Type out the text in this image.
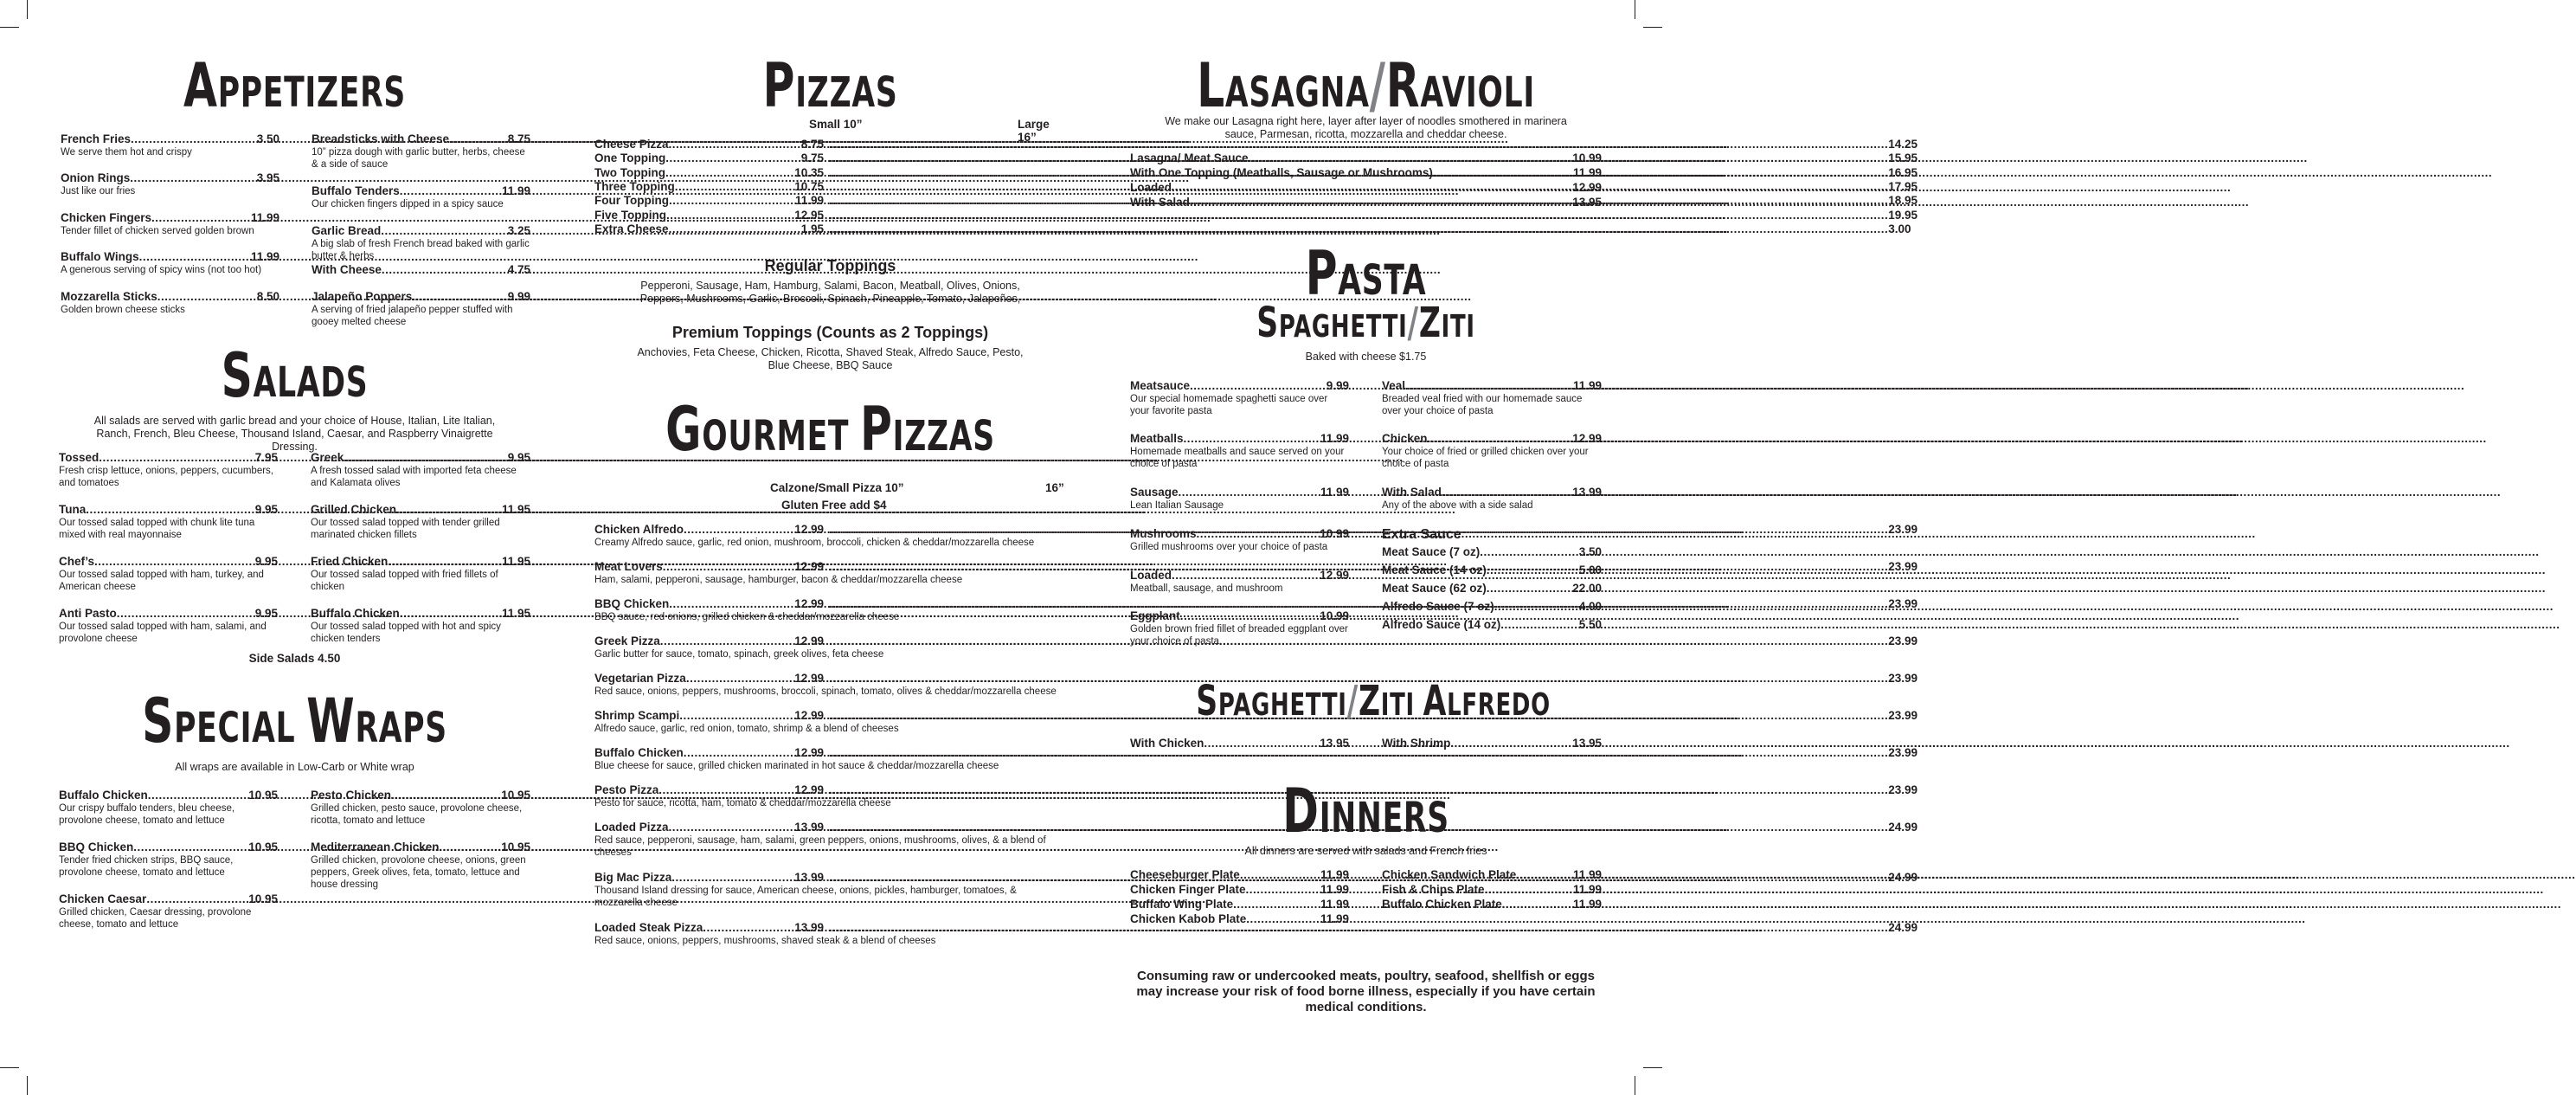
APPETIZERS
French Fries .....	3.50
We serve them hot and crispy
Onion Rings .....	3.95
Just like our fries
Chicken Fingers .....	11.99
Tender fillet of chicken served golden brown
Buffalo Wings .....	11.99
A generous serving of spicy wins (not too hot)
Mozzarella Sticks .....	8.50
Golden brown cheese sticks
Breadsticks with Cheese .....	8.75
10” pizza dough with garlic butter, herbs, cheese & a side of sauce
Buffalo Tenders .....	11.99
Our chicken fingers dipped in a spicy sauce
Garlic Bread .....	3.25
A big slab of fresh French bread baked with garlic butter & herbs
With Cheese .....	4.75
Jalapeño Poppers .....	9.99
A serving of fried jalapeño pepper stuffed with gooey melted cheese
SALADS
All salads are served with garlic bread and your choice of House, Italian, Lite Italian, Ranch, French, Bleu Cheese, Thousand Island, Caesar, and Raspberry Vinaigrette Dressing.
Tossed .....	7.95
Fresh crisp lettuce, onions, peppers, cucumbers, and tomatoes
Tuna .....	9.95
Our tossed salad topped with chunk lite tuna mixed with real mayonnaise
Chef’s .....	9.95
Our tossed salad topped with ham, turkey, and American cheese
Anti Pasto .....	9.95
Our tossed salad topped with ham, salami, and provolone cheese
Greek .....	9.95
A fresh tossed salad with imported feta cheese and Kalamata olives
Grilled Chicken .....	11.95
Our tossed salad topped with tender grilled marinated chicken fillets
Fried Chicken .....	11.95
Our tossed salad topped with fried fillets of chicken
Buffalo Chicken .....	11.95
Our tossed salad topped with hot and spicy chicken tenders
Side Salads 4.50
SPECIAL WRAPS
All wraps are available in Low-Carb or White wrap
Buffalo Chicken .....	10.95
Our crispy buffalo tenders, bleu cheese, provolone cheese, tomato and lettuce
BBQ Chicken .....	10.95
Tender fried chicken strips, BBQ sauce, provolone cheese, tomato and lettuce
Chicken Caesar .....	10.95
Grilled chicken, Caesar dressing, provolone cheese, tomato and lettuce
Pesto Chicken .....	10.95
Grilled chicken, pesto sauce, provolone cheese, ricotta, tomato and lettuce
Mediterranean Chicken .....	10.95
Grilled chicken, provolone cheese, onions, green peppers, Greek olives, feta, tomato, lettuce and house dressing
PIZZAS
Small 10”	Large 16”
Cheese Pizza .....	8.75 .....	14.25
One Topping .....	9.75 .....	15.95
Two Topping .....	10.35 .....	16.95
Three Topping .....	10.75 .....	17.95
Four Topping .....	11.99 .....	18.95
Five Topping .....	12.95 .....	19.95
Extra Cheese .....	1.95 .....	3.00
Regular Toppings
Pepperoni, Sausage, Ham, Hamburg, Salami, Bacon, Meatball, Olives, Onions, Peppers, Mushrooms, Garlic, Broccoli, Spinach, Pineapple, Tomato, Jalapeños,
Premium Toppings (Counts as 2 Toppings)
Anchovies, Feta Cheese, Chicken, Ricotta, Shaved Steak, Alfredo Sauce, Pesto, Blue Cheese, BBQ Sauce
GOURMET PIZZAS
Calzone/Small Pizza 10”	16”
Gluten Free add $4
Chicken Alfredo .....	12.99 .....	23.99
Creamy Alfredo sauce, garlic, red onion, mushroom, broccoli, chicken & cheddar/mozzarella cheese
Meat Lovers .....	12.99 .....	23.99
Ham, salami, pepperoni, sausage, hamburger, bacon & cheddar/mozzarella cheese
BBQ Chicken .....	12.99 .....	23.99
BBQ sauce, red onions, grilled chicken & cheddar/mozzarella cheese
Greek Pizza .....	12.99 .....	23.99
Garlic butter for sauce, tomato, spinach, greek olives, feta cheese
Vegetarian Pizza .....	12.99 .....	23.99
Red sauce, onions, peppers, mushrooms, broccoli, spinach, tomato, olives & cheddar/mozzarella cheese
Shrimp Scampi .....	12.99 .....	23.99
Alfredo sauce, garlic, red onion, tomato, shrimp & a blend of cheeses
Buffalo Chicken .....	12.99 .....	23.99
Blue cheese for sauce, grilled chicken marinated in hot sauce & cheddar/mozzarella cheese
Pesto Pizza .....	12.99 .....	23.99
Pesto for sauce, ricotta, ham, tomato & cheddar/mozzarella cheese
Loaded Pizza .....	13.99 .....	24.99
Red sauce, pepperoni, sausage, ham, salami, green peppers, onions, mushrooms, olives, & a blend of cheeses
Big Mac Pizza .....	13.99 .....	24.99
Thousand Island dressing for sauce, American cheese, onions, pickles, hamburger, tomatoes, & mozzarella cheese
Loaded Steak Pizza .....	13.99 .....	24.99
Red sauce, onions, peppers, mushrooms, shaved steak & a blend of cheeses
LASAGNA/RAVIOLI
We make our Lasagna right here, layer after layer of noodles smothered in marinera sauce, Parmesan, ricotta, mozzarella and cheddar cheese.
Lasagna/ Meat Sauce .....	10.99
With One Topping (Meatballs, Sausage or Mushrooms) .....	11.99
Loaded .....	12.99
With Salad .....	13.95
PASTA
SPAGHETTI/ZITI
Baked with cheese $1.75
Meatsauce .....	9.99
Our special homemade spaghetti sauce over your favorite pasta
Meatballs .....	11.99
Homemade meatballs and sauce served on your choice of pasta
Sausage .....	11.99
Lean Italian Sausage
Mushrooms .....	10.99
Grilled mushrooms over your choice of pasta
Loaded .....	12.99
Meatball, sausage, and mushroom
Eggplant .....	10.99
Golden brown fried fillet of breaded eggplant over your choice of pasta
Veal .....	11.99
Breaded veal fried with our homemade sauce over your choice of pasta
Chicken .....	12.99
Your choice of fried or grilled chicken over your choice of pasta
With Salad .....	13.99
Any of the above with a side salad
Extra Sauce
Meat Sauce (7 oz) .....	3.50
Meat Sauce (14 oz) .....	5.00
Meat Sauce (62 oz) .....	22.00
Alfredo Sauce (7 oz) .....	4.00
Alfredo Sauce (14 oz) .....	5.50
SPAGHETTI/ZITI ALFREDO
With Chicken .....	13.95	With Shrimp .....	13.95
DINNERS
All dinners are served with salads and French fries
Cheeseburger Plate .....	11.99
Chicken Finger Plate .....	11.99
Buffalo Wing Plate .....	11.99
Chicken Kabob Plate .....	11.99
Chicken Sandwich Plate .....	11.99
Fish & Chips Plate .....	11.99
Buffalo Chicken Plate .....	11.99
Consuming raw or undercooked meats, poultry, seafood, shellfish or eggs may increase your risk of food borne illness, especially if you have certain medical conditions.
